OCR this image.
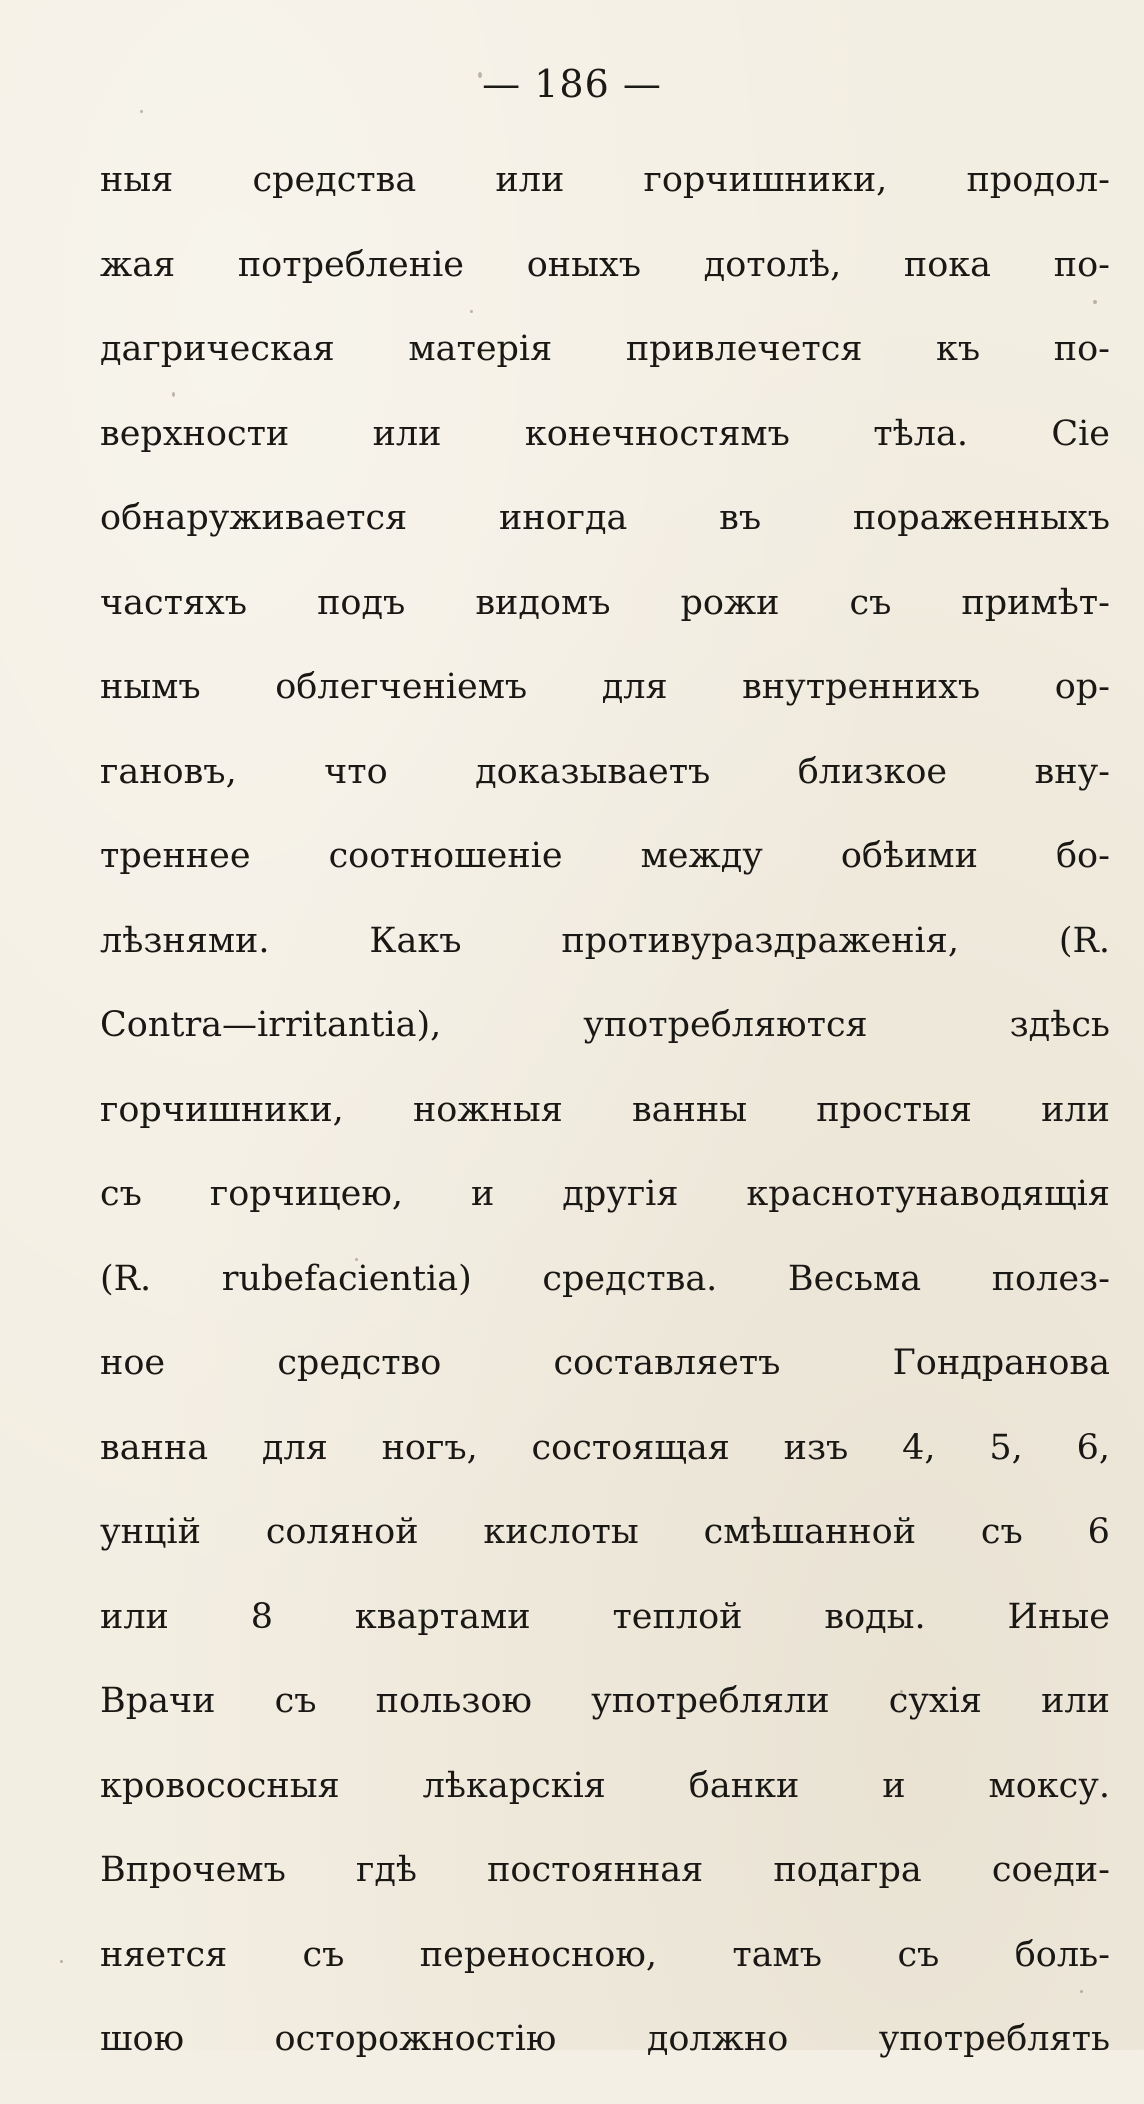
— 186 —
ныя средства или горчишники, продол-
жая потребленіе оныхъ дотолѣ, пока по-
дагрическая матерія привлечется къ по-
верхности или конечностямъ тѣла. Сіе
обнаруживается	иногда	въ	пораженныхъ
частяхъ подъ видомъ рожи съ примѣт-
нымъ облегченіемъ для внутреннихъ ор-
гановъ, что доказываетъ близкое вну-
треннее соотношеніе между обѣими бо-
лѣзнями.	Какъ	противураздраженія,	(R.
Contra—irritantia),	употребляются	здѣсь
горчишники, ножныя ванны простыя или
съ горчицею, и другія краснотунаводящія
(R. rubefacientia) средства. Весьма полез-
ное	средство	составляетъ	Гондранова
ванна для ногъ, состоящая изъ 4, 5, 6,
унцій соляной кислоты смѣшанной съ 6
или 8 квартами теплой воды. Иные
Врачи съ пользою употребляли сухія или
кровососныя лѣкарскія банки и моксу.
Впрочемъ гдѣ постоянная подагра соеди-
няется съ переносною, тамъ съ боль-
шою	осторожностію	должно	употреблять
